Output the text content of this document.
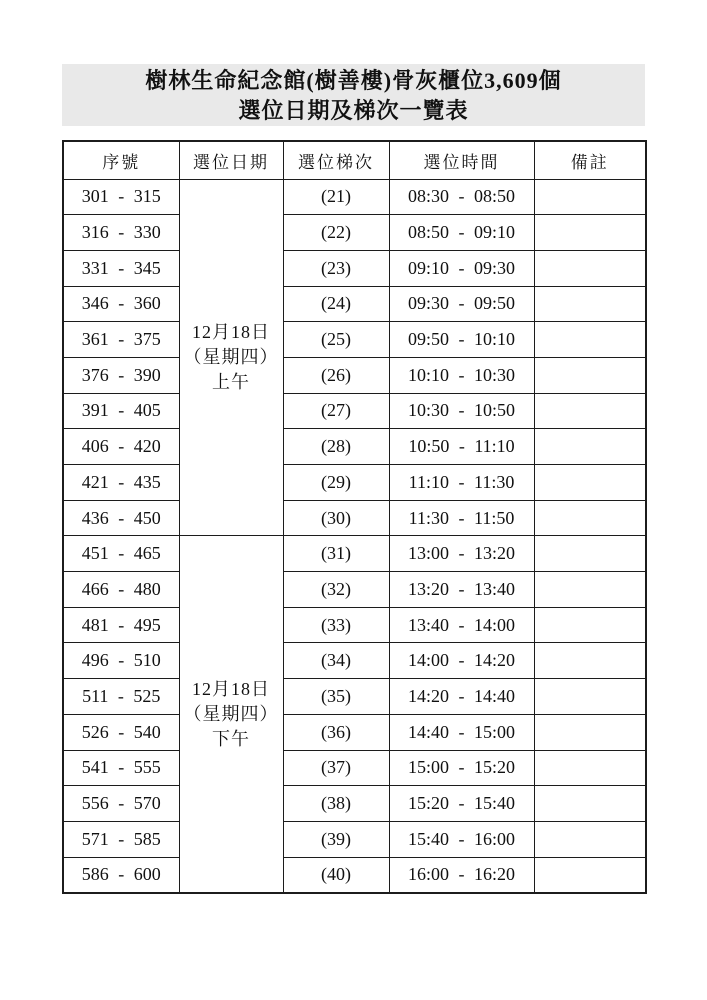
樹林生命紀念館(樹善樓)骨灰櫃位3,609個
選位日期及梯次一覽表
序號	選位日期	選位梯次	選位時間	備註
301 - 315	12月18日
（星期四）
上午	(21)	08:30 - 08:50	
316 - 330		(22)	08:50 - 09:10	
331 - 345		(23)	09:10 - 09:30	
346 - 360		(24)	09:30 - 09:50	
361 - 375		(25)	09:50 - 10:10	
376 - 390		(26)	10:10 - 10:30	
391 - 405		(27)	10:30 - 10:50	
406 - 420		(28)	10:50 - 11:10	
421 - 435		(29)	11:10 - 11:30	
436 - 450		(30)	11:30 - 11:50	
451 - 465	12月18日
（星期四）
下午	(31)	13:00 - 13:20	
466 - 480		(32)	13:20 - 13:40	
481 - 495		(33)	13:40 - 14:00	
496 - 510		(34)	14:00 - 14:20	
511 - 525		(35)	14:20 - 14:40	
526 - 540		(36)	14:40 - 15:00	
541 - 555		(37)	15:00 - 15:20	
556 - 570		(38)	15:20 - 15:40	
571 - 585		(39)	15:40 - 16:00	
586 - 600		(40)	16:00 - 16:20	
